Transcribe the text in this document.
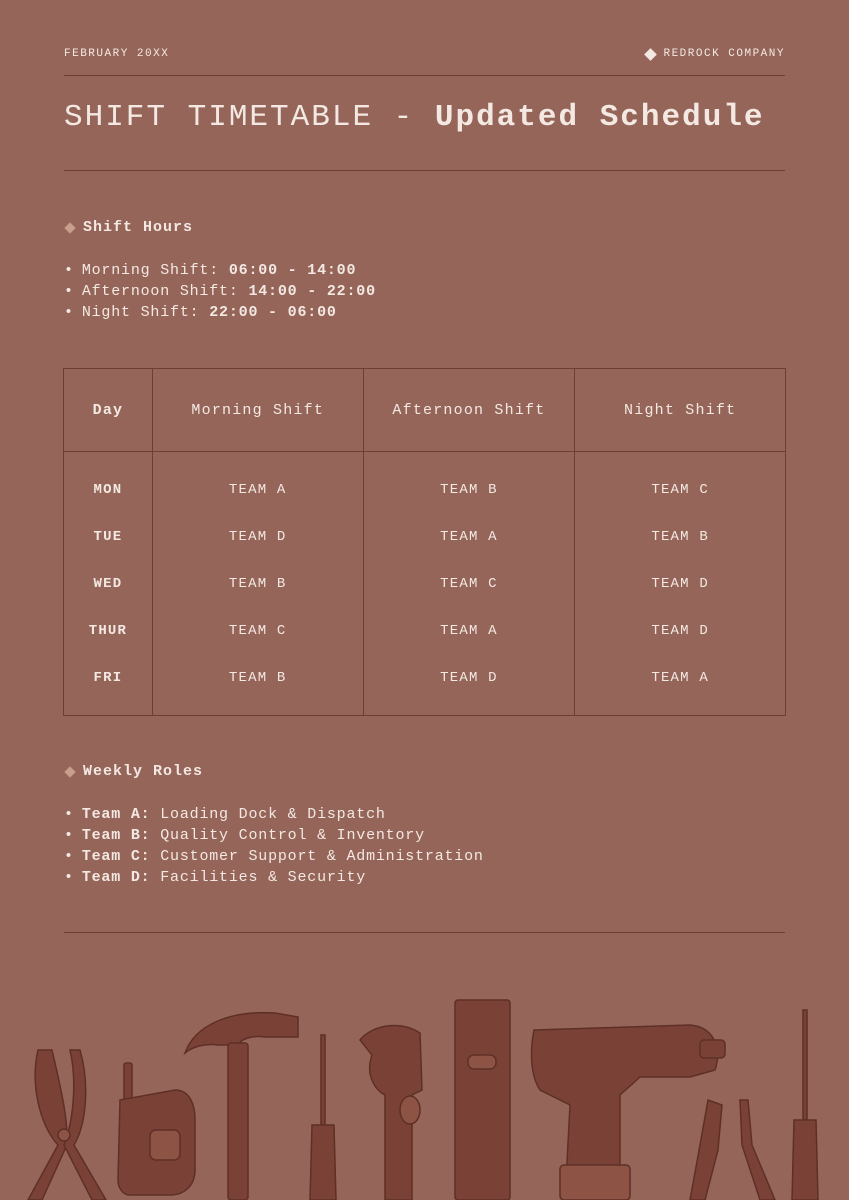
FEBRUARY 20XX	REDROCK COMPANY
SHIFT TIMETABLE - Updated Schedule
Shift Hours
• Morning Shift: 06:00 - 14:00
• Afternoon Shift: 14:00 - 22:00
• Night Shift: 22:00 - 06:00
Day	Morning Shift	Afternoon Shift	Night Shift
MON	TEAM A	TEAM B	TEAM C
TUE	TEAM D	TEAM A	TEAM B
WED	TEAM B	TEAM C	TEAM D
THUR	TEAM C	TEAM A	TEAM D
FRI	TEAM B	TEAM D	TEAM A
Weekly Roles
• Team A: Loading Dock & Dispatch
• Team B: Quality Control & Inventory
• Team C: Customer Support & Administration
• Team D: Facilities & Security
